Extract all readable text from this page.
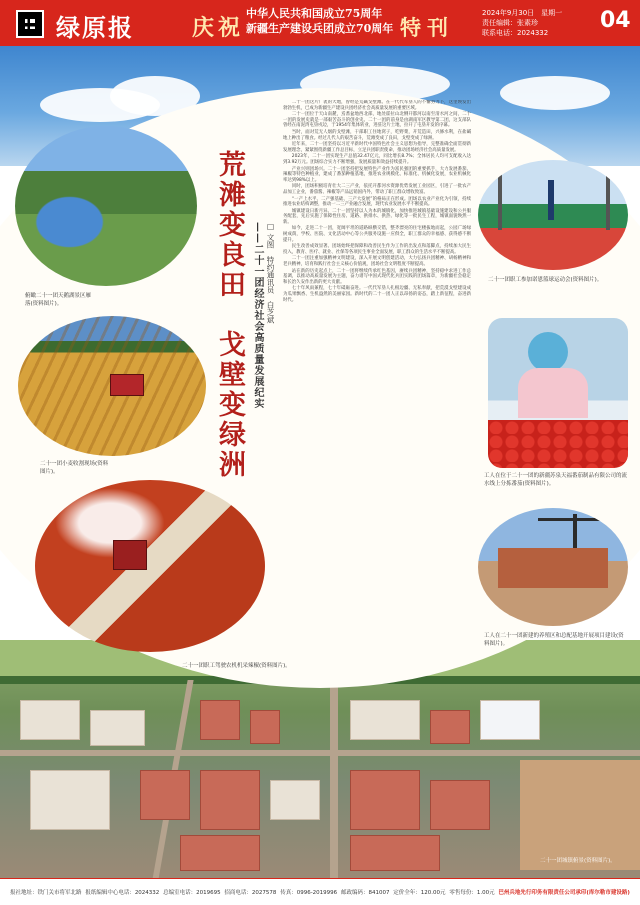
绿原报	庆祝
中华人民共和国成立75周年
新疆生产建设兵团成立70周年 特刊
2024年9月30日　星期一
责任编辑：张素珍
联系电话：2024332	04
俯瞰二十一团天鹅湖景区雁落(资料图片)。
二十一团小麦收割现场(资料图片)。
二十一团职工驾驶农机机采辣椒(资料图片)。
荒滩变良田
戈壁变绿洲 ——二十一团经济社会高质量发展纪实 □ 文图　特约通讯员　白芝斌

二十一团这片广袤的大地，曾经是荒碱戈壁滩。在一代代军垦人的不懈努力下，这里焕发出勃勃生机，已成为新疆生产建设兵团经济社会高质量发展的重要区域。

二十一团位于天山南麓，焉耆盆地西北部，地处霍拉山北侧开都河以南至清水河之间，二十一团的发展史就是一部艰苦奋斗的创业史。二十一团的前身是由湖南军区教导第二团，这支部队曾经在南泥湾屯垦戍边，于1954年集体转业，进驻这片土地，拉开了屯垦开发的序幕。

当时，面对荒无人烟的戈壁滩，干部职工住地窝子，吃野菜，开荒造田，兴修水利，在盐碱地上种出了粮食。经过几代人的艰苦奋斗，荒滩变成了良田，戈壁变成了绿洲。

近年来，二十一团坚持以习近平新时代中国特色社会主义思想为指导，完整准确全面贯彻新发展理念，紧紧围绕新疆工作总目标，立足兵团职责使命，推动团场经济社会高质量发展。

2023年，二十一团实现生产总值32.47亿元，同比增长8.7%；全体居民人均可支配收入达到3.92万元。团场综合实力不断增强，发展质量和效益持续提升。

产业兴则团场兴。二十一团坚持把发展特色产业作为富民强团的重要抓手，大力发展番茄、辣椒等特色种植业，建成了番茄种植基地，推进农业规模化、标准化、机械化发展，农业机械化率达到98%以上。

同时，团场积极培育壮大二三产业，依托开都河水资源优势发展工业园区，引进了一批农产品加工企业，番茄酱、辣椒等产品远销国内外，带动了职工群众增收致富。

“一产上水平、二产强基础、三产大发展”的格局正在形成。团场以农业产业化为引领，持续推进农业结构调整，推动一二三产业融合发展，现代农业发展水平不断提高。

城镇建设日新月异。二十一团坚持以人为本的城镇化，加快推进城镇基础设施建设和公共服务配套，先后实施了保障性住房、道路、供排水、供热、绿化等一批民生工程，城镇面貌焕然一新。

如今，走进二十一团，宽阔平坦的道路纵横交错，整齐漂亮的住宅楼拔地而起，公园广场绿树成荫，学校、医院、文化活动中心等公共服务设施一应俱全，职工群众的幸福感、获得感不断提升。

民生改善成效显著。团场始终把保障和改善民生作为工作的出发点和落脚点，持续加大民生投入，教育、医疗、就业、社保等各项民生事业全面发展，职工群众的生活水平不断提高。

二十一团注重加强精神文明建设，深入开展文明创建活动，大力弘扬兵团精神、胡杨精神和老兵精神，培育和践行社会主义核心价值观，团场社会文明程度不断提高。

站在新的历史起点上，二十一团将继续传承红色基因，赓续兵团精神，坚持稳中求进工作总基调，以推动高质量发展为主题，奋力谱写中国式现代化兵团实践的团场篇章，为新疆社会稳定和长治久安作出新的更大贡献。

七十年风雨兼程，七十年砥砺奋进。一代代军垦人扎根边疆、无私奉献，把荒漠戈壁建设成为瓜果飘香、生机盎然的美丽家园。新时代的二十一团人正以昂扬的姿态，踏上新征程，奋进新时代。

二十一团职工参加诺恩篮球运动会(资料图片)。
工人在位于二十一团的新疆苏泉天福番茄制品有限公司的流水线上分拣番茄(资料图片)。
工人在二十一团新建的养殖区和总配基地开展项目建设(资料图片)。
二十一团城镇俯景(资料图片)。
报社地址：铁门关市将军北路 报纸编辑中心电话：2024332 总编室电话：2019695 招商电话：2027578 传真：0996-2019996 邮政编码：841007 定价全年：120.00元 零售每份：1.00元 巴州兵地先行印务有限责任公司承印(库尔勒市建设路)
